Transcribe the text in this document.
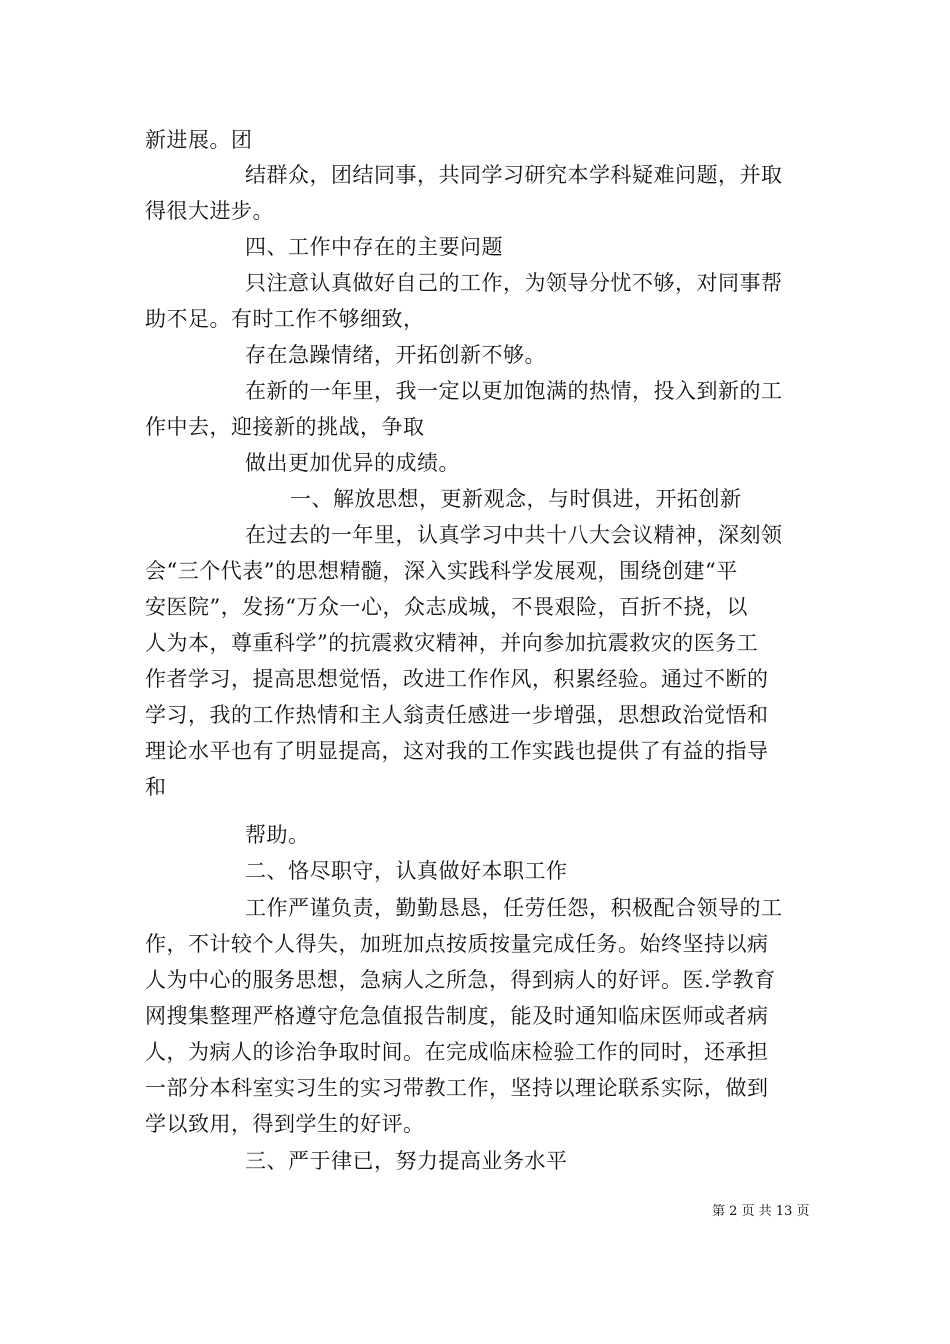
新进展。团
结群众，团结同事，共同学习研究本学科疑难问题，并取
得很大进步。
四、工作中存在的主要问题
只注意认真做好自己的工作，为领导分忧不够，对同事帮
助不足。有时工作不够细致，
存在急躁情绪，开拓创新不够。
在新的一年里，我一定以更加饱满的热情，投入到新的工
作中去，迎接新的挑战，争取
做出更加优异的成绩。
一、解放思想，更新观念，与时俱进，开拓创新
在过去的一年里，认真学习中共十八大会议精神，深刻领
会“三个代表”的思想精髓，深入实践科学发展观，围绕创建“平
安医院”，发扬“万众一心，众志成城，不畏艰险，百折不挠，以
人为本，尊重科学”的抗震救灾精神，并向参加抗震救灾的医务工
作者学习，提高思想觉悟，改进工作作风，积累经验。通过不断的
学习，我的工作热情和主人翁责任感进一步增强，思想政治觉悟和
理论水平也有了明显提高，这对我的工作实践也提供了有益的指导
和
帮助。
二、恪尽职守，认真做好本职工作
工作严谨负责，勤勤恳恳，任劳任怨，积极配合领导的工
作，不计较个人得失，加班加点按质按量完成任务。始终坚持以病
人为中心的服务思想，急病人之所急，得到病人的好评。医.学教育
网搜集整理严格遵守危急值报告制度，能及时通知临床医师或者病
人，为病人的诊治争取时间。在完成临床检验工作的同时，还承担
一部分本科室实习生的实习带教工作，坚持以理论联系实际，做到
学以致用，得到学生的好评。
三、严于律已，努力提高业务水平
第 2 页 共 13 页
